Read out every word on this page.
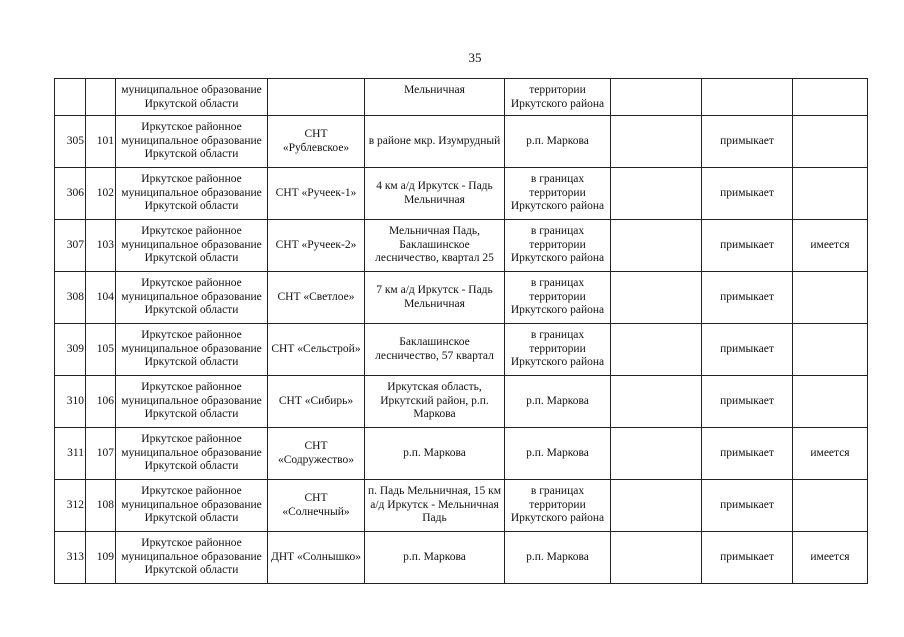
35
		муниципальное образование Иркутской области		Мельничная	территории Иркутского района			
305	101	Иркутское районное муниципальное образование Иркутской области	СНТ «Рублевское»	в районе мкр. Изумрудный	р.п. Маркова		примыкает	
306	102	Иркутское районное муниципальное образование Иркутской области	СНТ «Ручеек-1»	4 км а/д Иркутск - Падь Мельничная	в границах территории Иркутского района		примыкает	
307	103	Иркутское районное муниципальное образование Иркутской области	СНТ «Ручеек-2»	Мельничная Падь, Баклашинское лесничество, квартал 25	в границах территории Иркутского района		примыкает	имеется
308	104	Иркутское районное муниципальное образование Иркутской области	СНТ «Светлое»	7 км а/д Иркутск - Падь Мельничная	в границах территории Иркутского района		примыкает	
309	105	Иркутское районное муниципальное образование Иркутской области	СНТ «Сельстрой»	Баклашинское лесничество, 57 квартал	в границах территории Иркутского района		примыкает	
310	106	Иркутское районное муниципальное образование Иркутской области	СНТ «Сибирь»	Иркутская область, Иркутский район, р.п. Маркова	р.п. Маркова		примыкает	
311	107	Иркутское районное муниципальное образование Иркутской области	СНТ «Содружество»	р.п. Маркова	р.п. Маркова		примыкает	имеется
312	108	Иркутское районное муниципальное образование Иркутской области	СНТ «Солнечный»	п. Падь Мельничная, 15 км а/д Иркутск - Мельничная Падь	в границах территории Иркутского района		примыкает	
313	109	Иркутское районное муниципальное образование Иркутской области	ДНТ «Солнышко»	р.п. Маркова	р.п. Маркова		примыкает	имеется
